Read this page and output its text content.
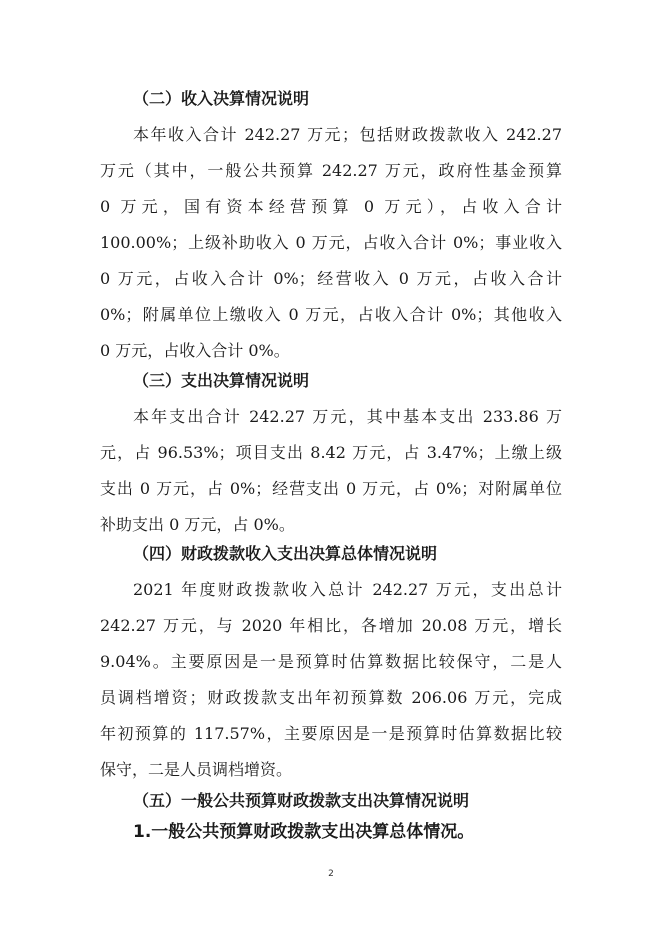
（二）收入决算情况说明
本年收入合计 242.27 万元；包括财政拨款收入 242.27
万元（其中，一般公共预算 242.27 万元，政府性基金预算
0 万元，国有资本经营预算 0 万元），占收入合计
100.00%；上级补助收入 0 万元，占收入合计 0%；事业收入
0 万元，占收入合计 0%；经营收入 0 万元，占收入合计
0%；附属单位上缴收入 0 万元，占收入合计 0%；其他收入
0 万元，占收入合计 0%。
（三）支出决算情况说明
本年支出合计 242.27 万元，其中基本支出 233.86 万
元，占 96.53%；项目支出 8.42 万元，占 3.47%；上缴上级
支出 0 万元，占 0%；经营支出 0 万元，占 0%；对附属单位
补助支出 0 万元，占 0%。
（四）财政拨款收入支出决算总体情况说明
2021 年度财政拨款收入总计 242.27 万元，支出总计
242.27 万元，与 2020 年相比，各增加 20.08 万元，增长
9.04%。主要原因是一是预算时估算数据比较保守，二是人
员调档增资；财政拨款支出年初预算数 206.06 万元，完成
年初预算的 117.57%，主要原因是一是预算时估算数据比较
保守，二是人员调档增资。
（五）一般公共预算财政拨款支出决算情况说明
1.一般公共预算财政拨款支出决算总体情况。
2
